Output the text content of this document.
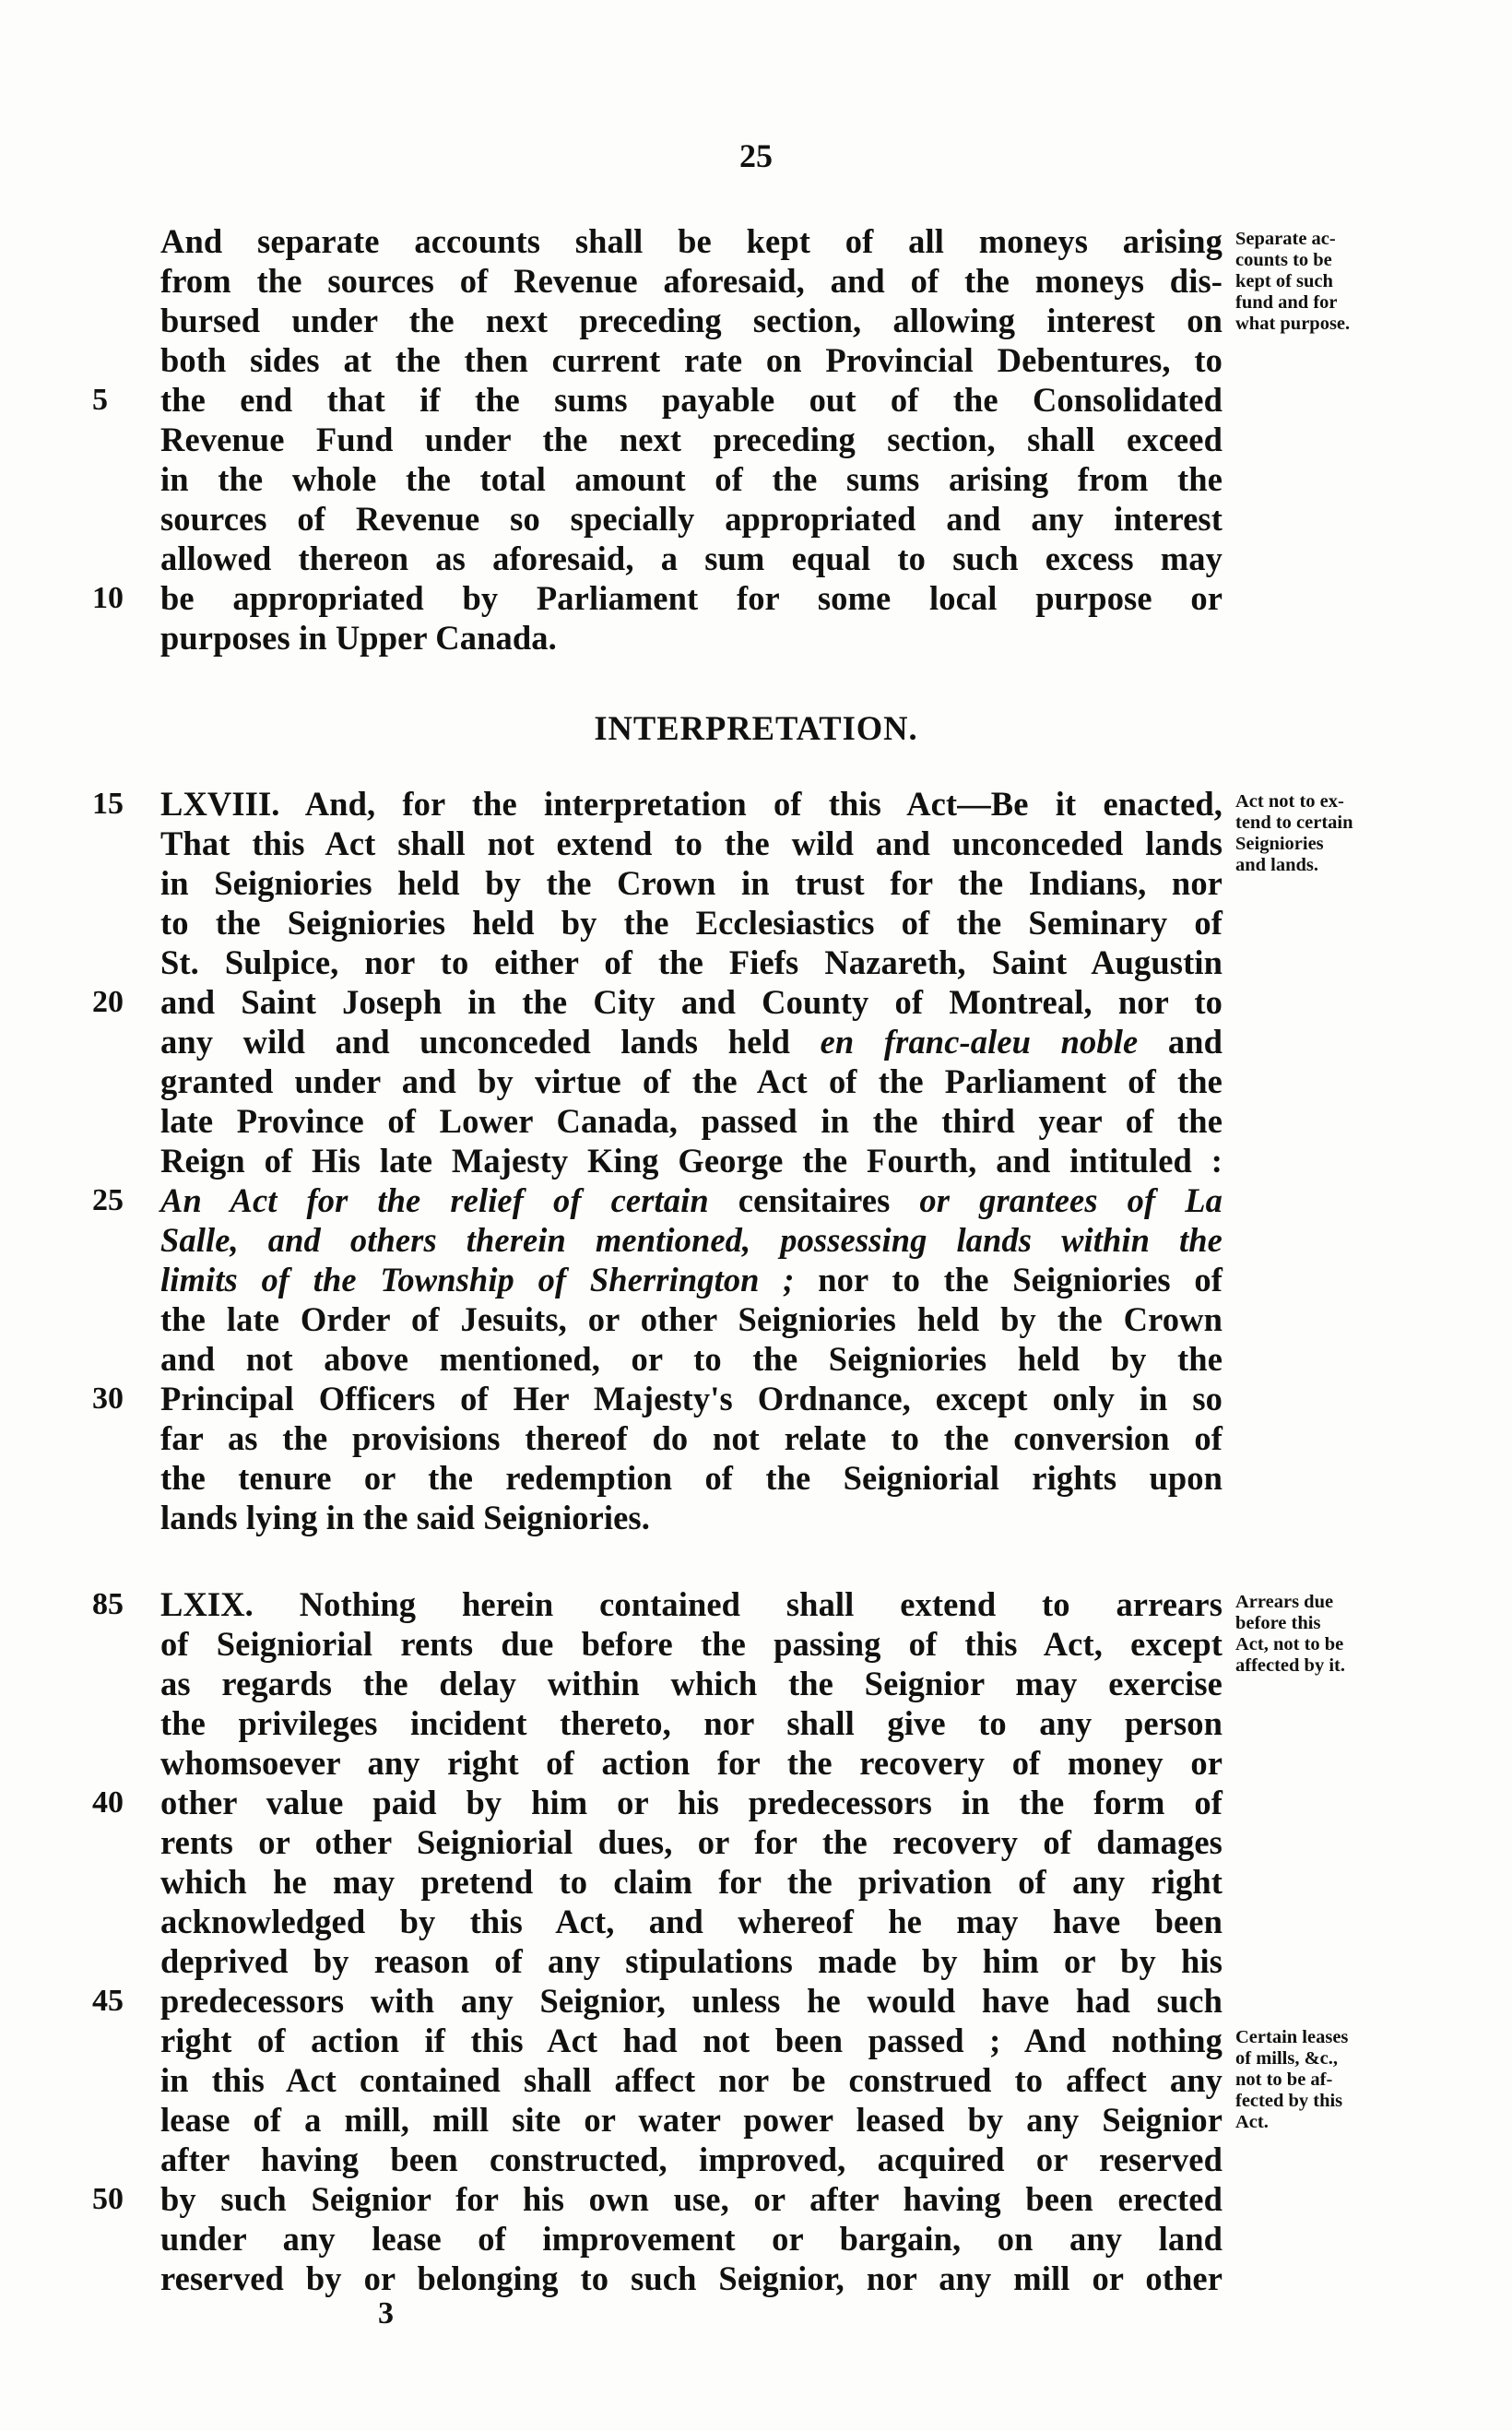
25
And separate accounts shall be kept of all moneys arising
from the sources of Revenue aforesaid, and of the moneys dis-
bursed under the next preceding section, allowing interest on
both sides at the then current rate on Provincial Debentures, to
the end that if the sums payable out of the Consolidated
Revenue Fund under the next preceding section, shall exceed
in the whole the total amount of the sums arising from the
sources of Revenue so specially appropriated and any interest
allowed thereon as aforesaid, a sum equal to such excess may
be appropriated by Parliament for some local purpose or
purposes in Upper Canada.
INTERPRETATION.
LXVIII. And, for the interpretation of this Act—Be it enacted,
That this Act shall not extend to the wild and unconceded lands
in Seigniories held by the Crown in trust for the Indians, nor
to the Seigniories held by the Ecclesiastics of the Seminary of
St. Sulpice, nor to either of the Fiefs Nazareth, Saint Augustin
and Saint Joseph in the City and County of Montreal, nor to
any wild and unconceded lands held en franc-aleu noble and
granted under and by virtue of the Act of the Parliament of the
late Province of Lower Canada, passed in the third year of the
Reign of His late Majesty King George the Fourth, and intituled :
An Act for the relief of certain censitaires or grantees of La
Salle, and others therein mentioned, possessing lands within the
limits of the Township of Sherrington ; nor to the Seigniories of
the late Order of Jesuits, or other Seigniories held by the Crown
and not above mentioned, or to the Seigniories held by the
Principal Officers of Her Majesty's Ordnance, except only in so
far as the provisions thereof do not relate to the conversion of
the tenure or the redemption of the Seigniorial rights upon
lands lying in the said Seigniories.
LXIX. Nothing herein contained shall extend to arrears
of Seigniorial rents due before the passing of this Act, except
as regards the delay within which the Seignior may exercise
the privileges incident thereto, nor shall give to any person
whomsoever any right of action for the recovery of money or
other value paid by him or his predecessors in the form of
rents or other Seigniorial dues, or for the recovery of damages
which he may pretend to claim for the privation of any right
acknowledged by this Act, and whereof he may have been
deprived by reason of any stipulations made by him or by his
predecessors with any Seignior, unless he would have had such
right of action if this Act had not been passed ; And nothing
in this Act contained shall affect nor be construed to affect any
lease of a mill, mill site or water power leased by any Seignior
after having been constructed, improved, acquired or reserved
by such Seignior for his own use, or after having been erected
under any lease of improvement or bargain, on any land
reserved by or belonging to such Seignior, nor any mill or other
3
5
10
15
20
25
30
85
40
45
50
Separate ac-
counts to be
kept of such
fund and for
what purpose.
Act not to ex-
tend to certain
Seigniories
and lands.
Arrears due
before this
Act, not to be
affected by it.
Certain leases
of mills, &c.,
not to be af-
fected by this
Act.
